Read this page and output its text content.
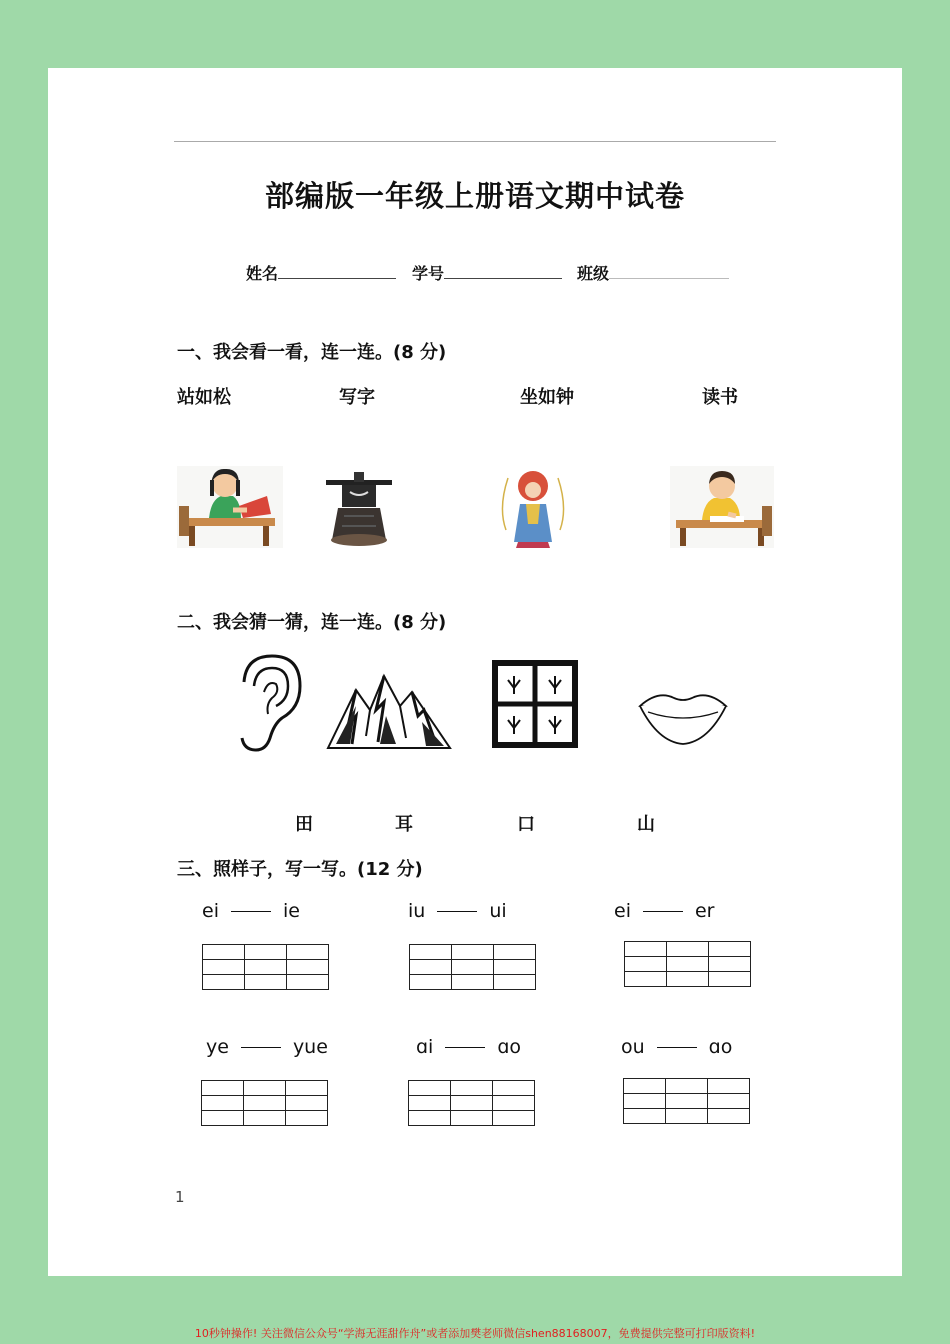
部编版一年级上册语文期中试卷
姓名	学号	班级
一、我会看一看，连一连。(8 分)
站如松	写字	坐如钟	读书
二、我会猜一猜，连一连。(8 分)
田	耳	口	山
三、照样子，写一写。(12 分)
ei	ie	iu	ui	ei	er

ye	yue	ɑi	ɑo	ou	ɑo

1
10秒钟操作! 关注微信公众号“学海无涯甜作舟”或者添加樊老师微信shen88168007，免费提供完整可打印版资料!
